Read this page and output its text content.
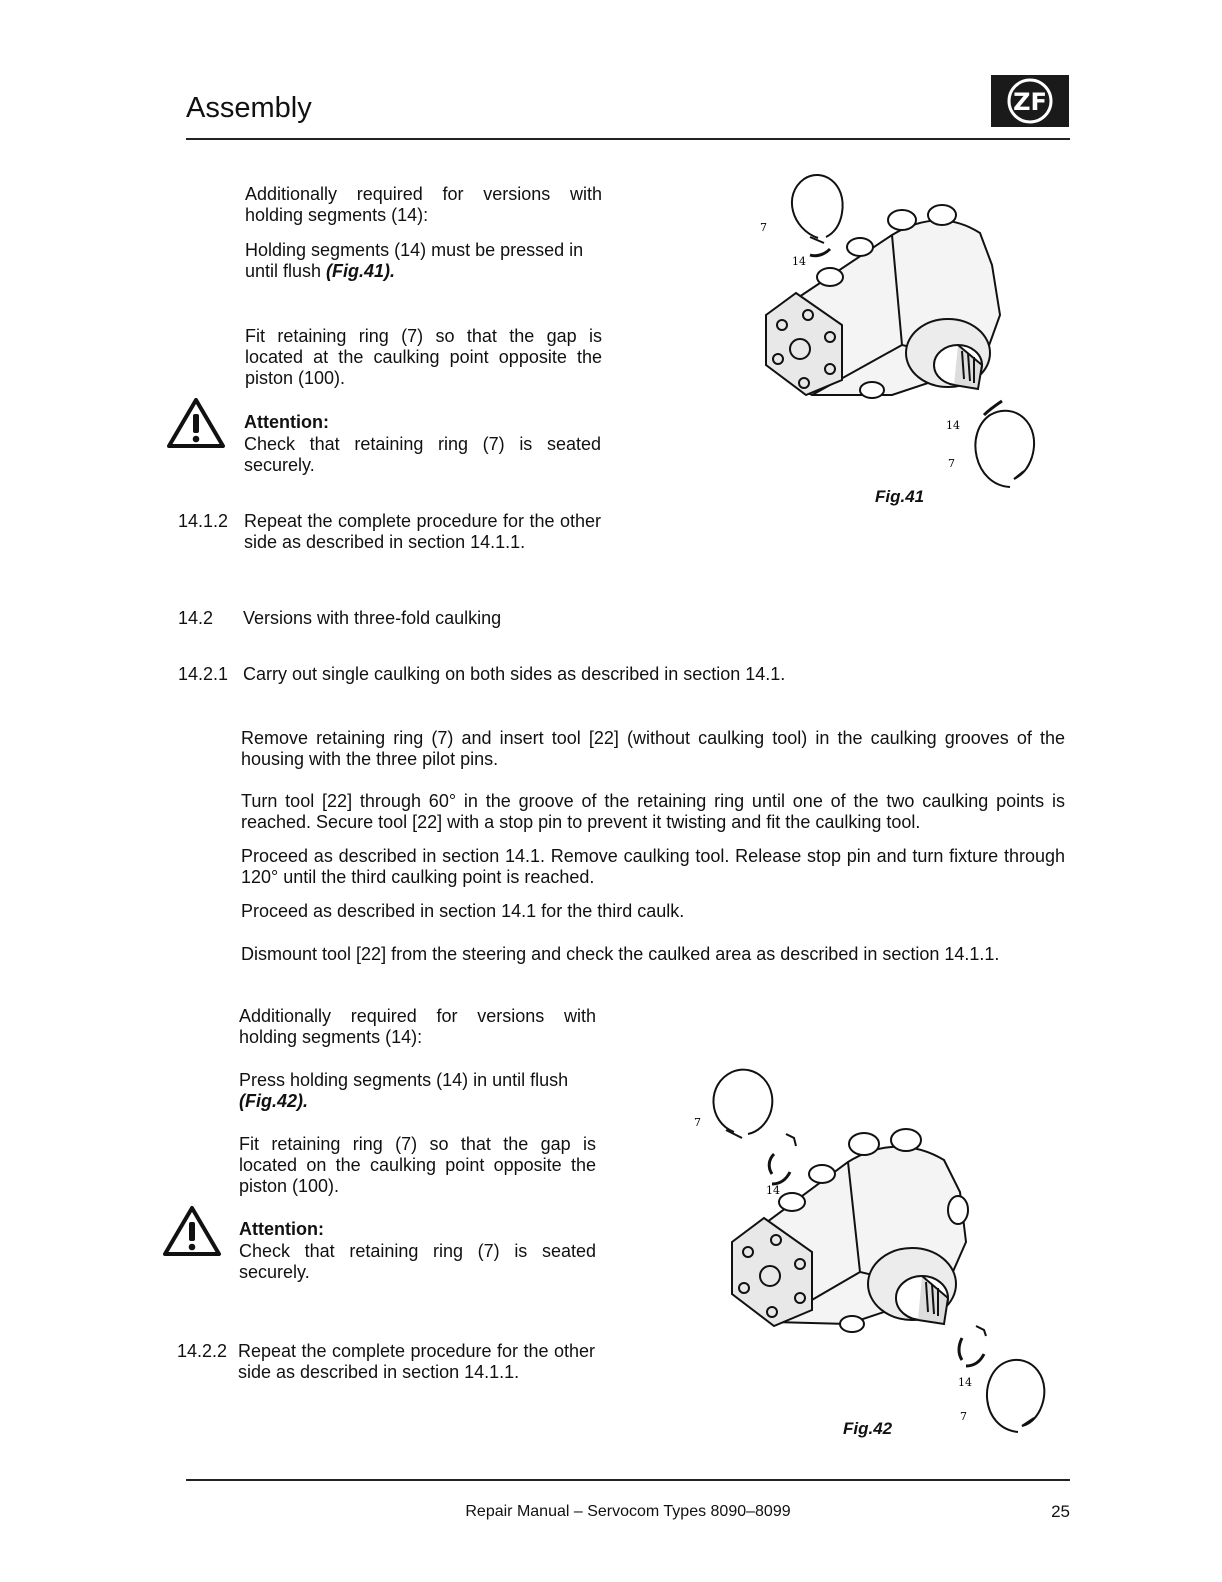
Assembly	ZF

Additionally required for versions with holding segments (14):

Holding segments (14) must be pressed in until flush (Fig.41).

Fit retaining ring (7) so that the gap is located at the caulking point opposite the piston (100).

Attention:

Check that retaining ring (7) is seated securely.

14.1.2 Repeat the complete procedure for the other side as described in section 14.1.1.

7
14
14
7
Fig.41
14.2 Versions with three-fold caulking

14.2.1 Carry out single caulking on both sides as described in section 14.1.

Remove retaining ring (7) and insert tool [22] (without caulking tool) in the caulking grooves of the housing with the three pilot pins.

Turn tool [22] through 60° in the groove of the retaining ring until one of the two caulking points is reached. Secure tool [22] with a stop pin to prevent it twisting and fit the caulking tool.

Proceed as described in section 14.1. Remove caulking tool. Release stop pin and turn fixture through 120° until the third caulking point is reached.

Proceed as described in section 14.1 for the third caulk.

Dismount tool [22] from the steering and check the caulked area as described in section 14.1.1.

Additionally required for versions with holding segments (14):

Press holding segments (14) in until flush (Fig.42).

Fit retaining ring (7) so that the gap is located on the caulking point opposite the piston (100).

Attention:

Check that retaining ring (7) is seated securely.

14.2.2 Repeat the complete procedure for the other side as described in section 14.1.1.

7
14
14
7
Fig.42
Repair Manual – Servocom Types 8090–8099	25
